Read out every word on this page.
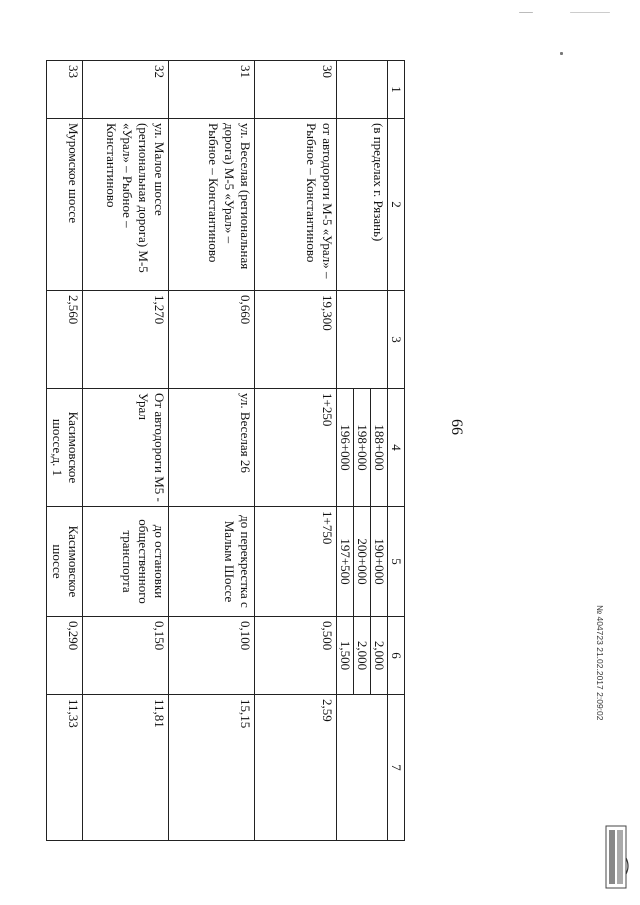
66
1	2	3	4	5	6	7
	(в пределах г. Рязань)		188+000	190+000	2,000	
			198+000	200+000	2,000	
			196+000	197+500	1,500	
30	от автодороги М-5 «Урал» – Рыбное – Константиново	19,300	1+250	1+750	0,500	2,59
31	ул. Веселая (региональная дорога) М-5 «Урал» – Рыбное – Константиново	0,660	ул. Веселая 26	до перекрестка с Малым Шоссе	0,100	15,15
32	ул. Малое шоссе (региональная дорога) М-5 «Урал» – Рыбное – Константиново	1,270	От автодороги М5 - Урал	до остановки общественного транспорта	0,150	11,81
33	Муромское шоссе	2,560	Касимовское шоссе,д. 1	Касимовское шоссе	0,290	11,33
№ 404723 21.02.2017 2:09:02
